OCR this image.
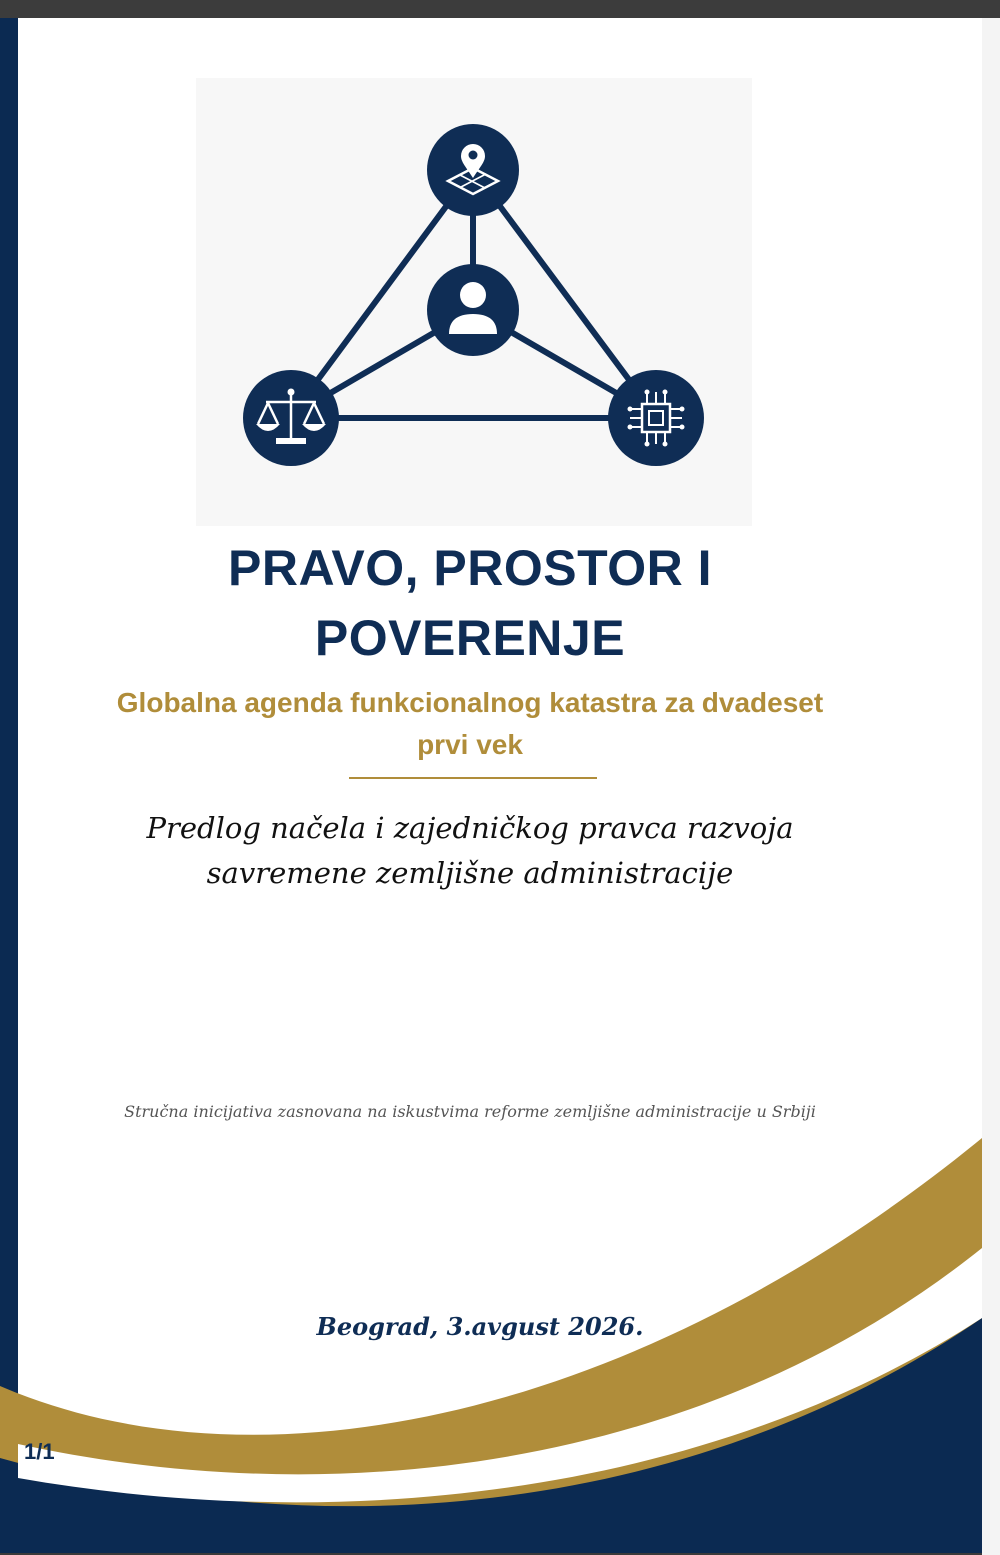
PRAVO, PROSTOR I POVERENJE
Globalna agenda funkcionalnog katastra za dvadeset prvi vek

Predlog načela i zajedničkog pravca razvoja savremene zemljišne administracije

Stručna inicijativa zasnovana na iskustvima reforme zemljišne administracije u Srbiji

Beograd, 3.avgust 2026.

1/1
